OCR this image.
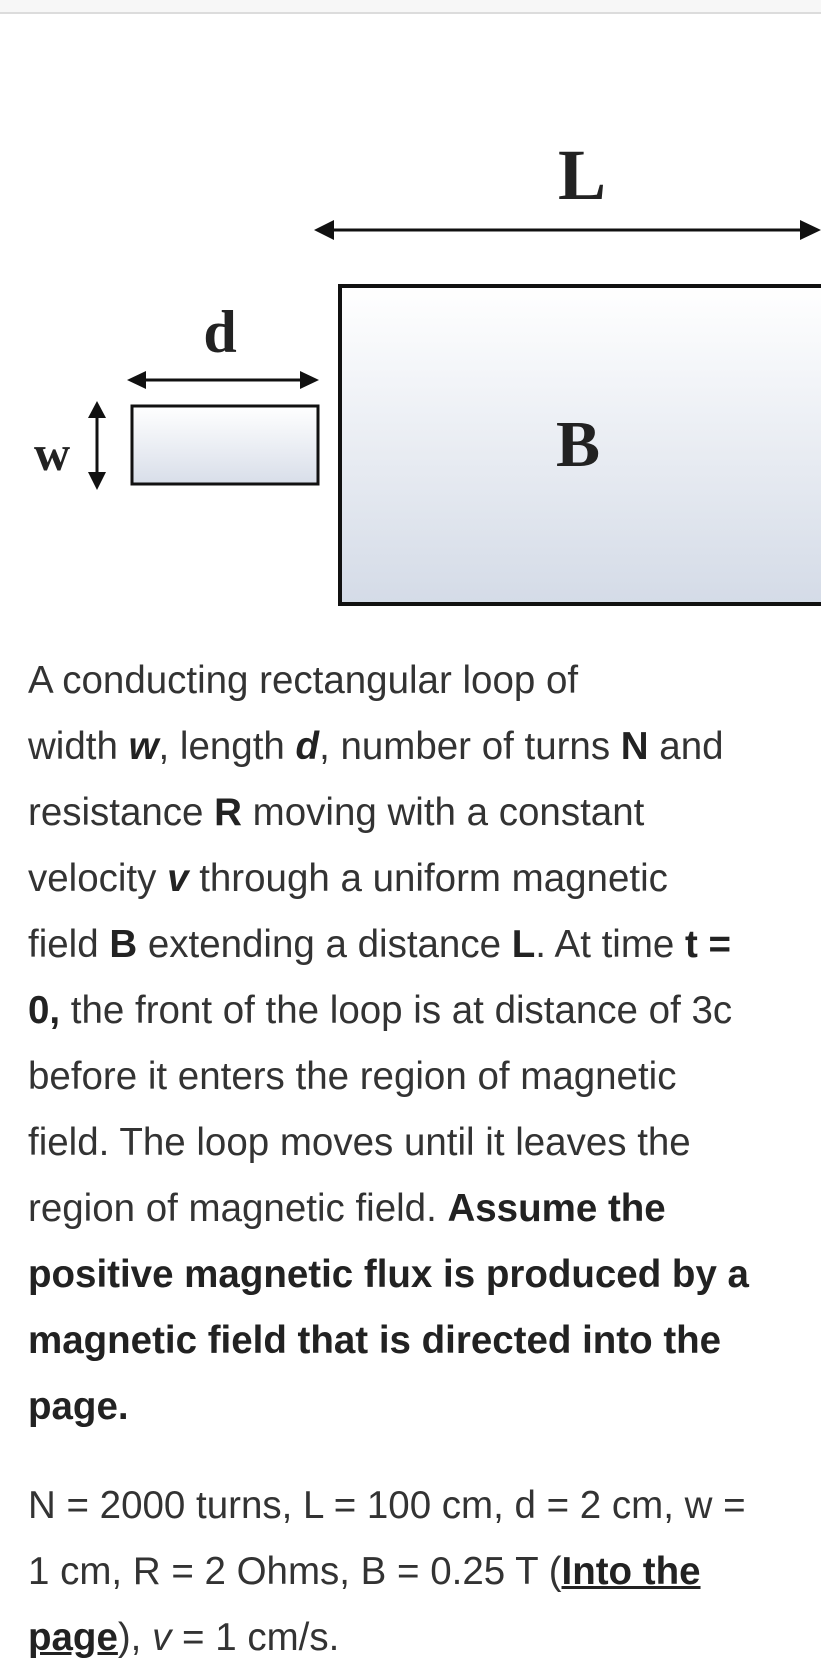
L
B
d
w

A conducting rectangular loop of
width w, length d, number of turns N and
resistance R moving with a constant
velocity v through a uniform magnetic
field B extending a distance L. At time t =
0, the front of the loop is at distance of 3c
before it enters the region of magnetic
field. The loop moves until it leaves the
region of magnetic field. Assume the
positive magnetic flux is produced by a
magnetic field that is directed into the
page.

N = 2000 turns, L = 100 cm, d = 2 cm, w =
1 cm, R = 2 Ohms, B = 0.25 T (Into the
page), v = 1 cm/s.
